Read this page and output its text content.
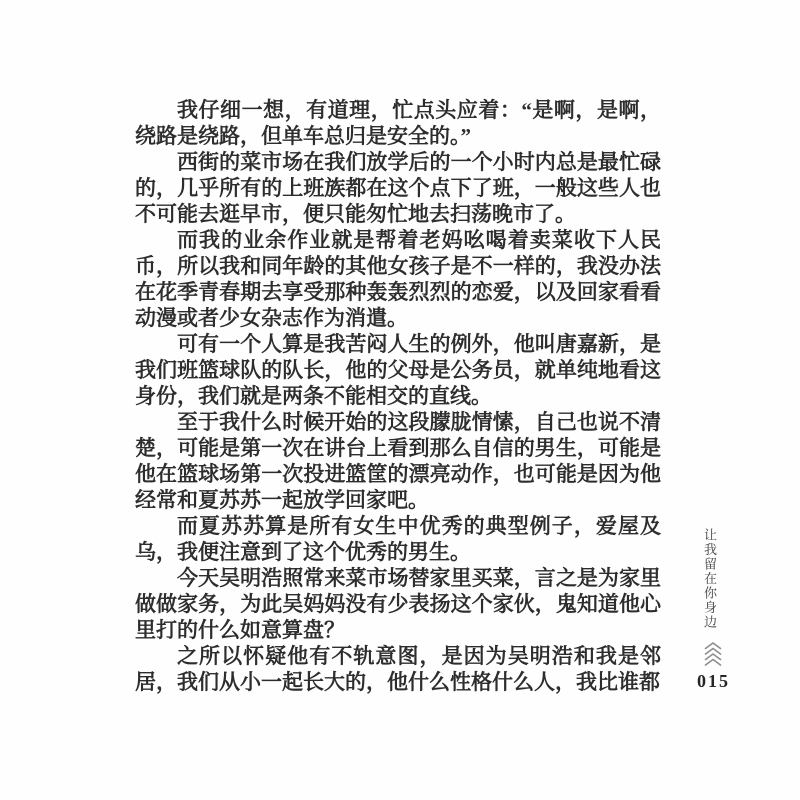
我仔细一想，有道理，忙点头应着：“是啊，是啊，绕路是绕路，但单车总归是安全的。”

西街的菜市场在我们放学后的一个小时内总是最忙碌的，几乎所有的上班族都在这个点下了班，一般这些人也不可能去逛早市，便只能匆忙地去扫荡晚市了。

而我的业余作业就是帮着老妈吆喝着卖菜收下人民币，所以我和同年龄的其他女孩子是不一样的，我没办法在花季青春期去享受那种轰轰烈烈的恋爱，以及回家看看动漫或者少女杂志作为消遣。

可有一个人算是我苦闷人生的例外，他叫唐嘉新，是我们班篮球队的队长，他的父母是公务员，就单纯地看这身份，我们就是两条不能相交的直线。

至于我什么时候开始的这段朦胧情愫，自己也说不清楚，可能是第一次在讲台上看到那么自信的男生，可能是他在篮球场第一次投进篮筐的漂亮动作，也可能是因为他经常和夏苏苏一起放学回家吧。

而夏苏苏算是所有女生中优秀的典型例子，爱屋及乌，我便注意到了这个优秀的男生。

今天吴明浩照常来菜市场替家里买菜，言之是为家里做做家务，为此吴妈妈没有少表扬这个家伙，鬼知道他心里打的什么如意算盘？

之所以怀疑他有不轨意图，是因为吴明浩和我是邻居，我们从小一起长大的，他什么性格什么人，我比谁都

让我留在你身边
015
